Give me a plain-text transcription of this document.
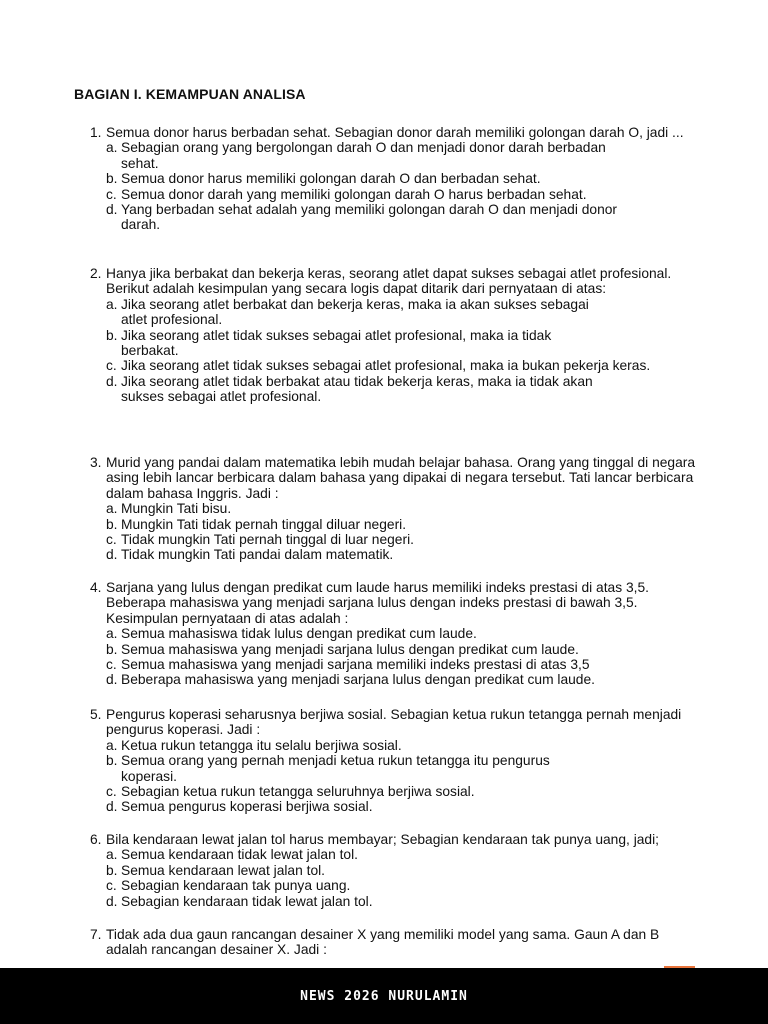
BAGIAN I. KEMAMPUAN ANALISA
1. Semua donor harus berbadan sehat. Sebagian donor darah memiliki golongan darah O, jadi ...
a. Sebagian orang yang bergolongan darah O dan menjadi donor darah berbadan sehat.
b. Semua donor harus memiliki golongan darah O dan berbadan sehat.
c. Semua donor darah yang memiliki golongan darah O harus berbadan sehat.
d. Yang berbadan sehat adalah yang memiliki golongan darah O dan menjadi donor darah.
2. Hanya jika berbakat dan bekerja keras, seorang atlet dapat sukses sebagai atlet profesional. Berikut adalah kesimpulan yang secara logis dapat ditarik dari pernyataan di atas:
a. Jika seorang atlet berbakat dan bekerja keras, maka ia akan sukses sebagai atlet profesional.
b. Jika seorang atlet tidak sukses sebagai atlet profesional, maka ia tidak berbakat.
c. Jika seorang atlet tidak sukses sebagai atlet profesional, maka ia bukan pekerja keras.
d. Jika seorang atlet tidak berbakat atau tidak bekerja keras, maka ia tidak akan sukses sebagai atlet profesional.
3. Murid yang pandai dalam matematika lebih mudah belajar bahasa. Orang yang tinggal di negara asing lebih lancar berbicara dalam bahasa yang dipakai di negara tersebut. Tati lancar berbicara dalam bahasa Inggris. Jadi :
a. Mungkin Tati bisu.
b. Mungkin Tati tidak pernah tinggal diluar negeri.
c. Tidak mungkin Tati pernah tinggal di luar negeri.
d. Tidak mungkin Tati pandai dalam matematik.
4. Sarjana yang lulus dengan predikat cum laude harus memiliki indeks prestasi di atas 3,5. Beberapa mahasiswa yang menjadi sarjana lulus dengan indeks prestasi di bawah 3,5. Kesimpulan pernyataan di atas adalah :
a. Semua mahasiswa tidak lulus dengan predikat cum laude.
b. Semua mahasiswa yang menjadi sarjana lulus dengan predikat cum laude.
c. Semua mahasiswa yang menjadi sarjana memiliki indeks prestasi di atas 3,5
d. Beberapa mahasiswa yang menjadi sarjana lulus dengan predikat cum laude.
5. Pengurus koperasi seharusnya berjiwa sosial. Sebagian ketua rukun tetangga pernah menjadi pengurus koperasi. Jadi :
a. Ketua rukun tetangga itu selalu berjiwa sosial.
b. Semua orang yang pernah menjadi ketua rukun tetangga itu pengurus koperasi.
c. Sebagian ketua rukun tetangga seluruhnya berjiwa sosial.
d. Semua pengurus koperasi berjiwa sosial.
6. Bila kendaraan lewat jalan tol harus membayar; Sebagian kendaraan tak punya uang, jadi;
a. Semua kendaraan tidak lewat jalan tol.
b. Semua kendaraan lewat jalan tol.
c. Sebagian kendaraan tak punya uang.
d. Sebagian kendaraan tidak lewat jalan tol.
7. Tidak ada dua gaun rancangan desainer X yang memiliki model yang sama. Gaun A dan B adalah rancangan desainer X. Jadi :
NEWS 2026 NURULAMIN
